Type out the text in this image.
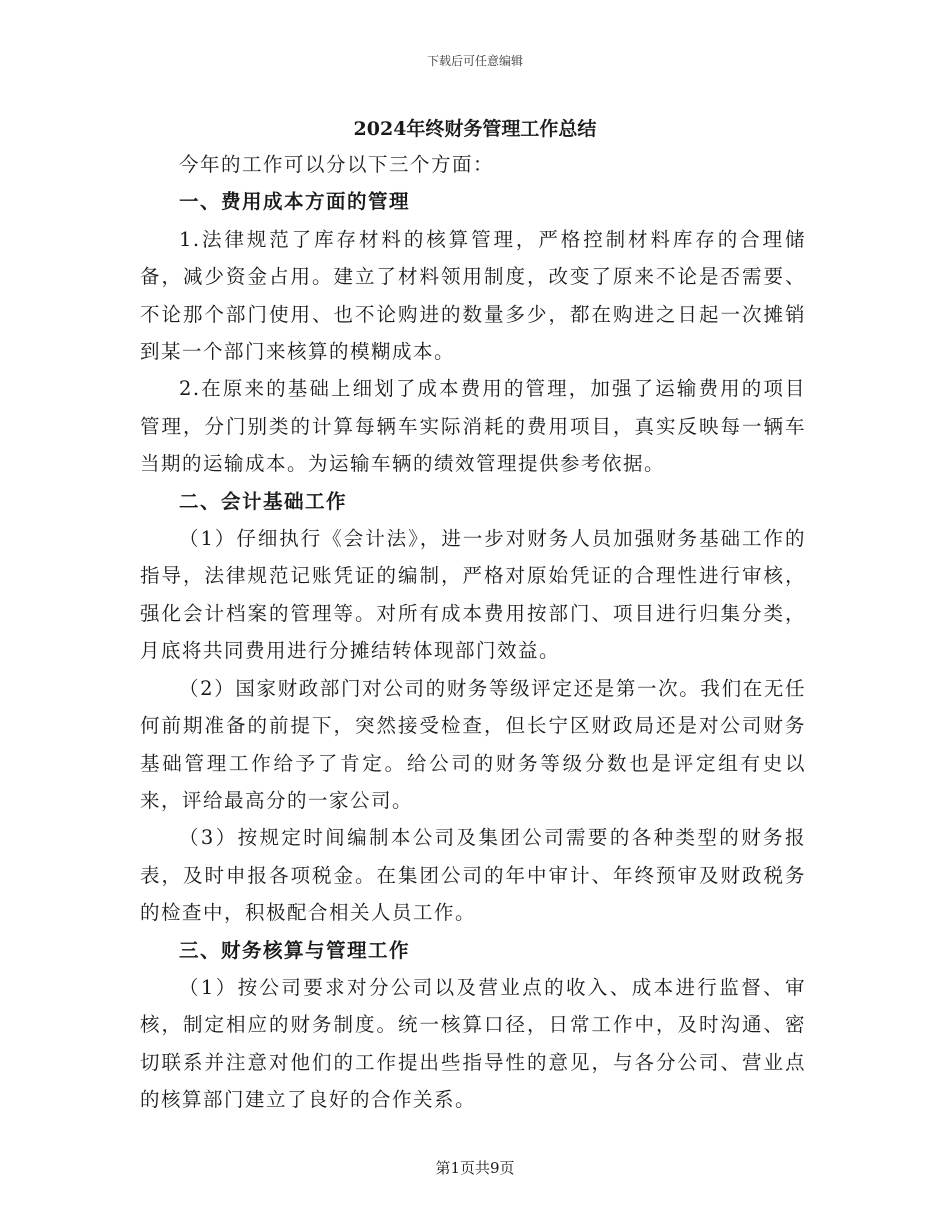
下载后可任意编辑
2024年终财务管理工作总结

今年的工作可以分以下三个方面：

一、费用成本方面的管理

1.法律规范了库存材料的核算管理，严格控制材料库存的合理储备，减少资金占用。建立了材料领用制度，改变了原来不论是否需要、不论那个部门使用、也不论购进的数量多少，都在购进之日起一次摊销到某一个部门来核算的模糊成本。

2.在原来的基础上细划了成本费用的管理，加强了运输费用的项目管理，分门别类的计算每辆车实际消耗的费用项目，真实反映每一辆车当期的运输成本。为运输车辆的绩效管理提供参考依据。

二、会计基础工作

（1）仔细执行《会计法》，进一步对财务人员加强财务基础工作的指导，法律规范记账凭证的编制，严格对原始凭证的合理性进行审核，强化会计档案的管理等。对所有成本费用按部门、项目进行归集分类，月底将共同费用进行分摊结转体现部门效益。

（2）国家财政部门对公司的财务等级评定还是第一次。我们在无任何前期准备的前提下，突然接受检查，但长宁区财政局还是对公司财务基础管理工作给予了肯定。给公司的财务等级分数也是评定组有史以来，评给最高分的一家公司。

（3）按规定时间编制本公司及集团公司需要的各种类型的财务报表，及时申报各项税金。在集团公司的年中审计、年终预审及财政税务的检查中，积极配合相关人员工作。

三、财务核算与管理工作

（1）按公司要求对分公司以及营业点的收入、成本进行监督、审核，制定相应的财务制度。统一核算口径，日常工作中，及时沟通、密切联系并注意对他们的工作提出些指导性的意见，与各分公司、营业点的核算部门建立了良好的合作关系。

第1页共9页
